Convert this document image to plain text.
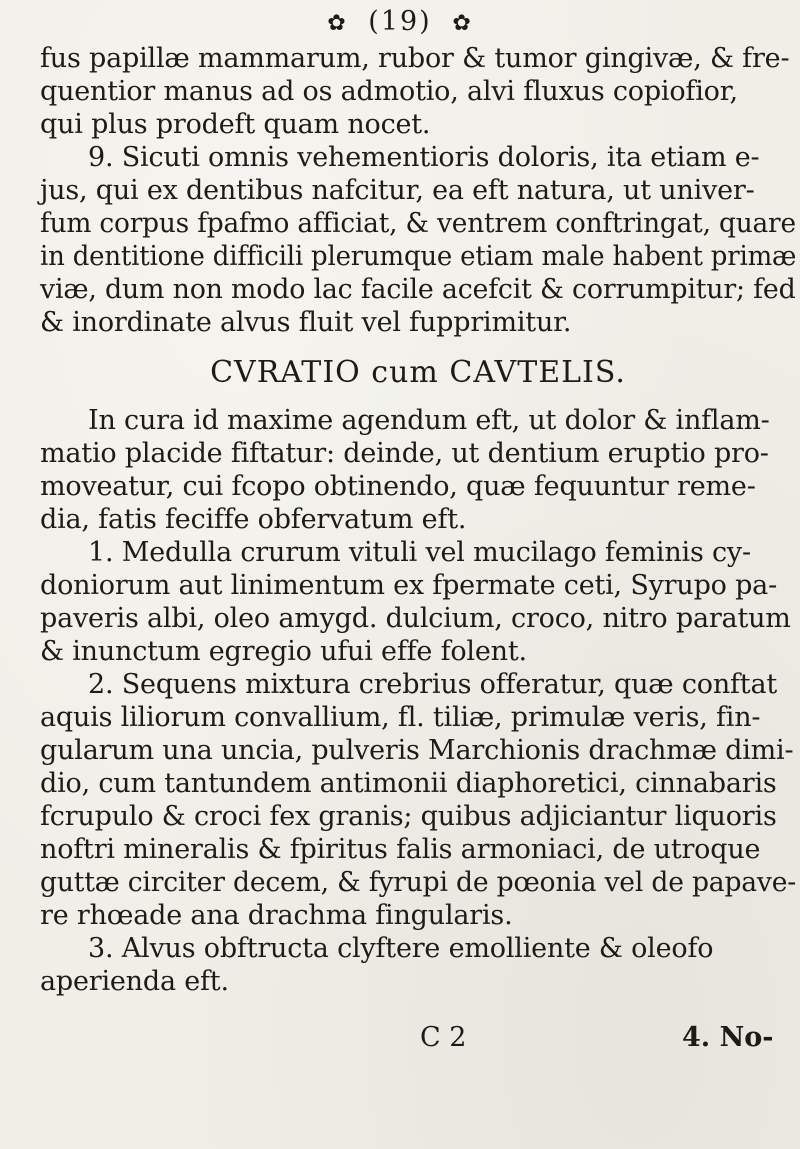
✿ (19) ✿
fus papillæ mammarum, rubor & tumor gingivæ, & fre-
quentior manus ad os admotio, alvi fluxus copiofior,
qui plus prodeft quam nocet.
9. Sicuti omnis vehementioris doloris, ita etiam e-
jus, qui ex dentibus nafcitur, ea eft natura, ut univer-
fum corpus fpafmo afficiat, & ventrem conftringat, quare
in dentitione difficili plerumque etiam male habent primæ
viæ, dum non modo lac facile acefcit & corrumpitur; fed
& inordinate alvus fluit vel fupprimitur.
CVRATIO cum CAVTELIS.
In cura id maxime agendum eft, ut dolor & inflam-
matio placide fiftatur: deinde, ut dentium eruptio pro-
moveatur, cui fcopo obtinendo, quæ fequuntur reme-
dia, fatis feciffe obfervatum eft.
1. Medulla crurum vituli vel mucilago feminis cy-
doniorum aut linimentum ex fpermate ceti, Syrupo pa-
paveris albi, oleo amygd. dulcium, croco, nitro paratum
& inunctum egregio ufui effe folent.
2. Sequens mixtura crebrius offeratur, quæ conftat
aquis liliorum convallium, fl. tiliæ, primulæ veris, fin-
gularum una uncia, pulveris Marchionis drachmæ dimi-
dio, cum tantundem antimonii diaphoretici, cinnabaris
fcrupulo & croci fex granis; quibus adjiciantur liquoris
noftri mineralis & fpiritus falis armoniaci, de utroque
guttæ circiter decem, & fyrupi de pœonia vel de papave-
re rhœade ana drachma fingularis.
3. Alvus obftructa clyftere emolliente & oleofo
aperienda eft.
C 2	4. No-
